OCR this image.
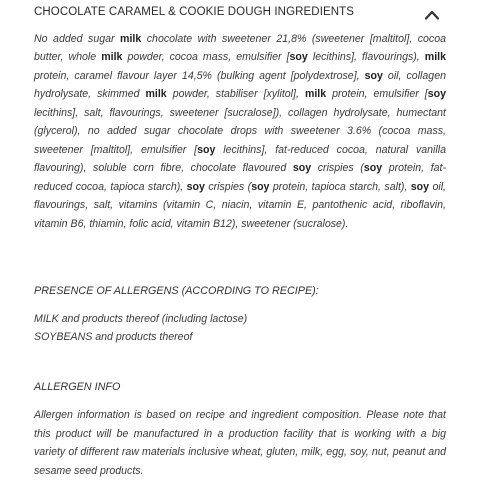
CHOCOLATE CARAMEL & COOKIE DOUGH INGREDIENTS

No added sugar milk chocolate with sweetener 21,8% (sweetener [maltitol], cocoa butter, whole milk powder, cocoa mass, emulsifier [soy lecithins], flavourings), milk protein, caramel flavour layer 14,5% (bulking agent [polydextrose], soy oil, collagen hydrolysate, skimmed milk powder, stabiliser [xylitol], milk protein, emulsifier [soy lecithins], salt, flavourings, sweetener [sucralose]), collagen hydrolysate, humectant (glycerol), no added sugar chocolate drops with sweetener 3.6% (cocoa mass, sweetener [maltitol], emulsifier [soy lecithins], fat-reduced cocoa, natural vanilla flavouring), soluble corn fibre, chocolate flavoured soy crispies (soy protein, fat-reduced cocoa, tapioca starch), soy crispies (soy protein, tapioca starch, salt), soy oil, flavourings, salt, vitamins (vitamin C, niacin, vitamin E, pantothenic acid, riboflavin, vitamin B6, thiamin, folic acid, vitamin B12), sweetener (sucralose).

PRESENCE OF ALLERGENS (ACCORDING TO RECIPE):
MILK and products thereof (including lactose)
SOYBEANS and products thereof
ALLERGEN INFO

Allergen information is based on recipe and ingredient composition. Please note that this product will be manufactured in a production facility that is working with a big variety of different raw materials inclusive wheat, gluten, milk, egg, soy, nut, peanut and sesame seed products.
